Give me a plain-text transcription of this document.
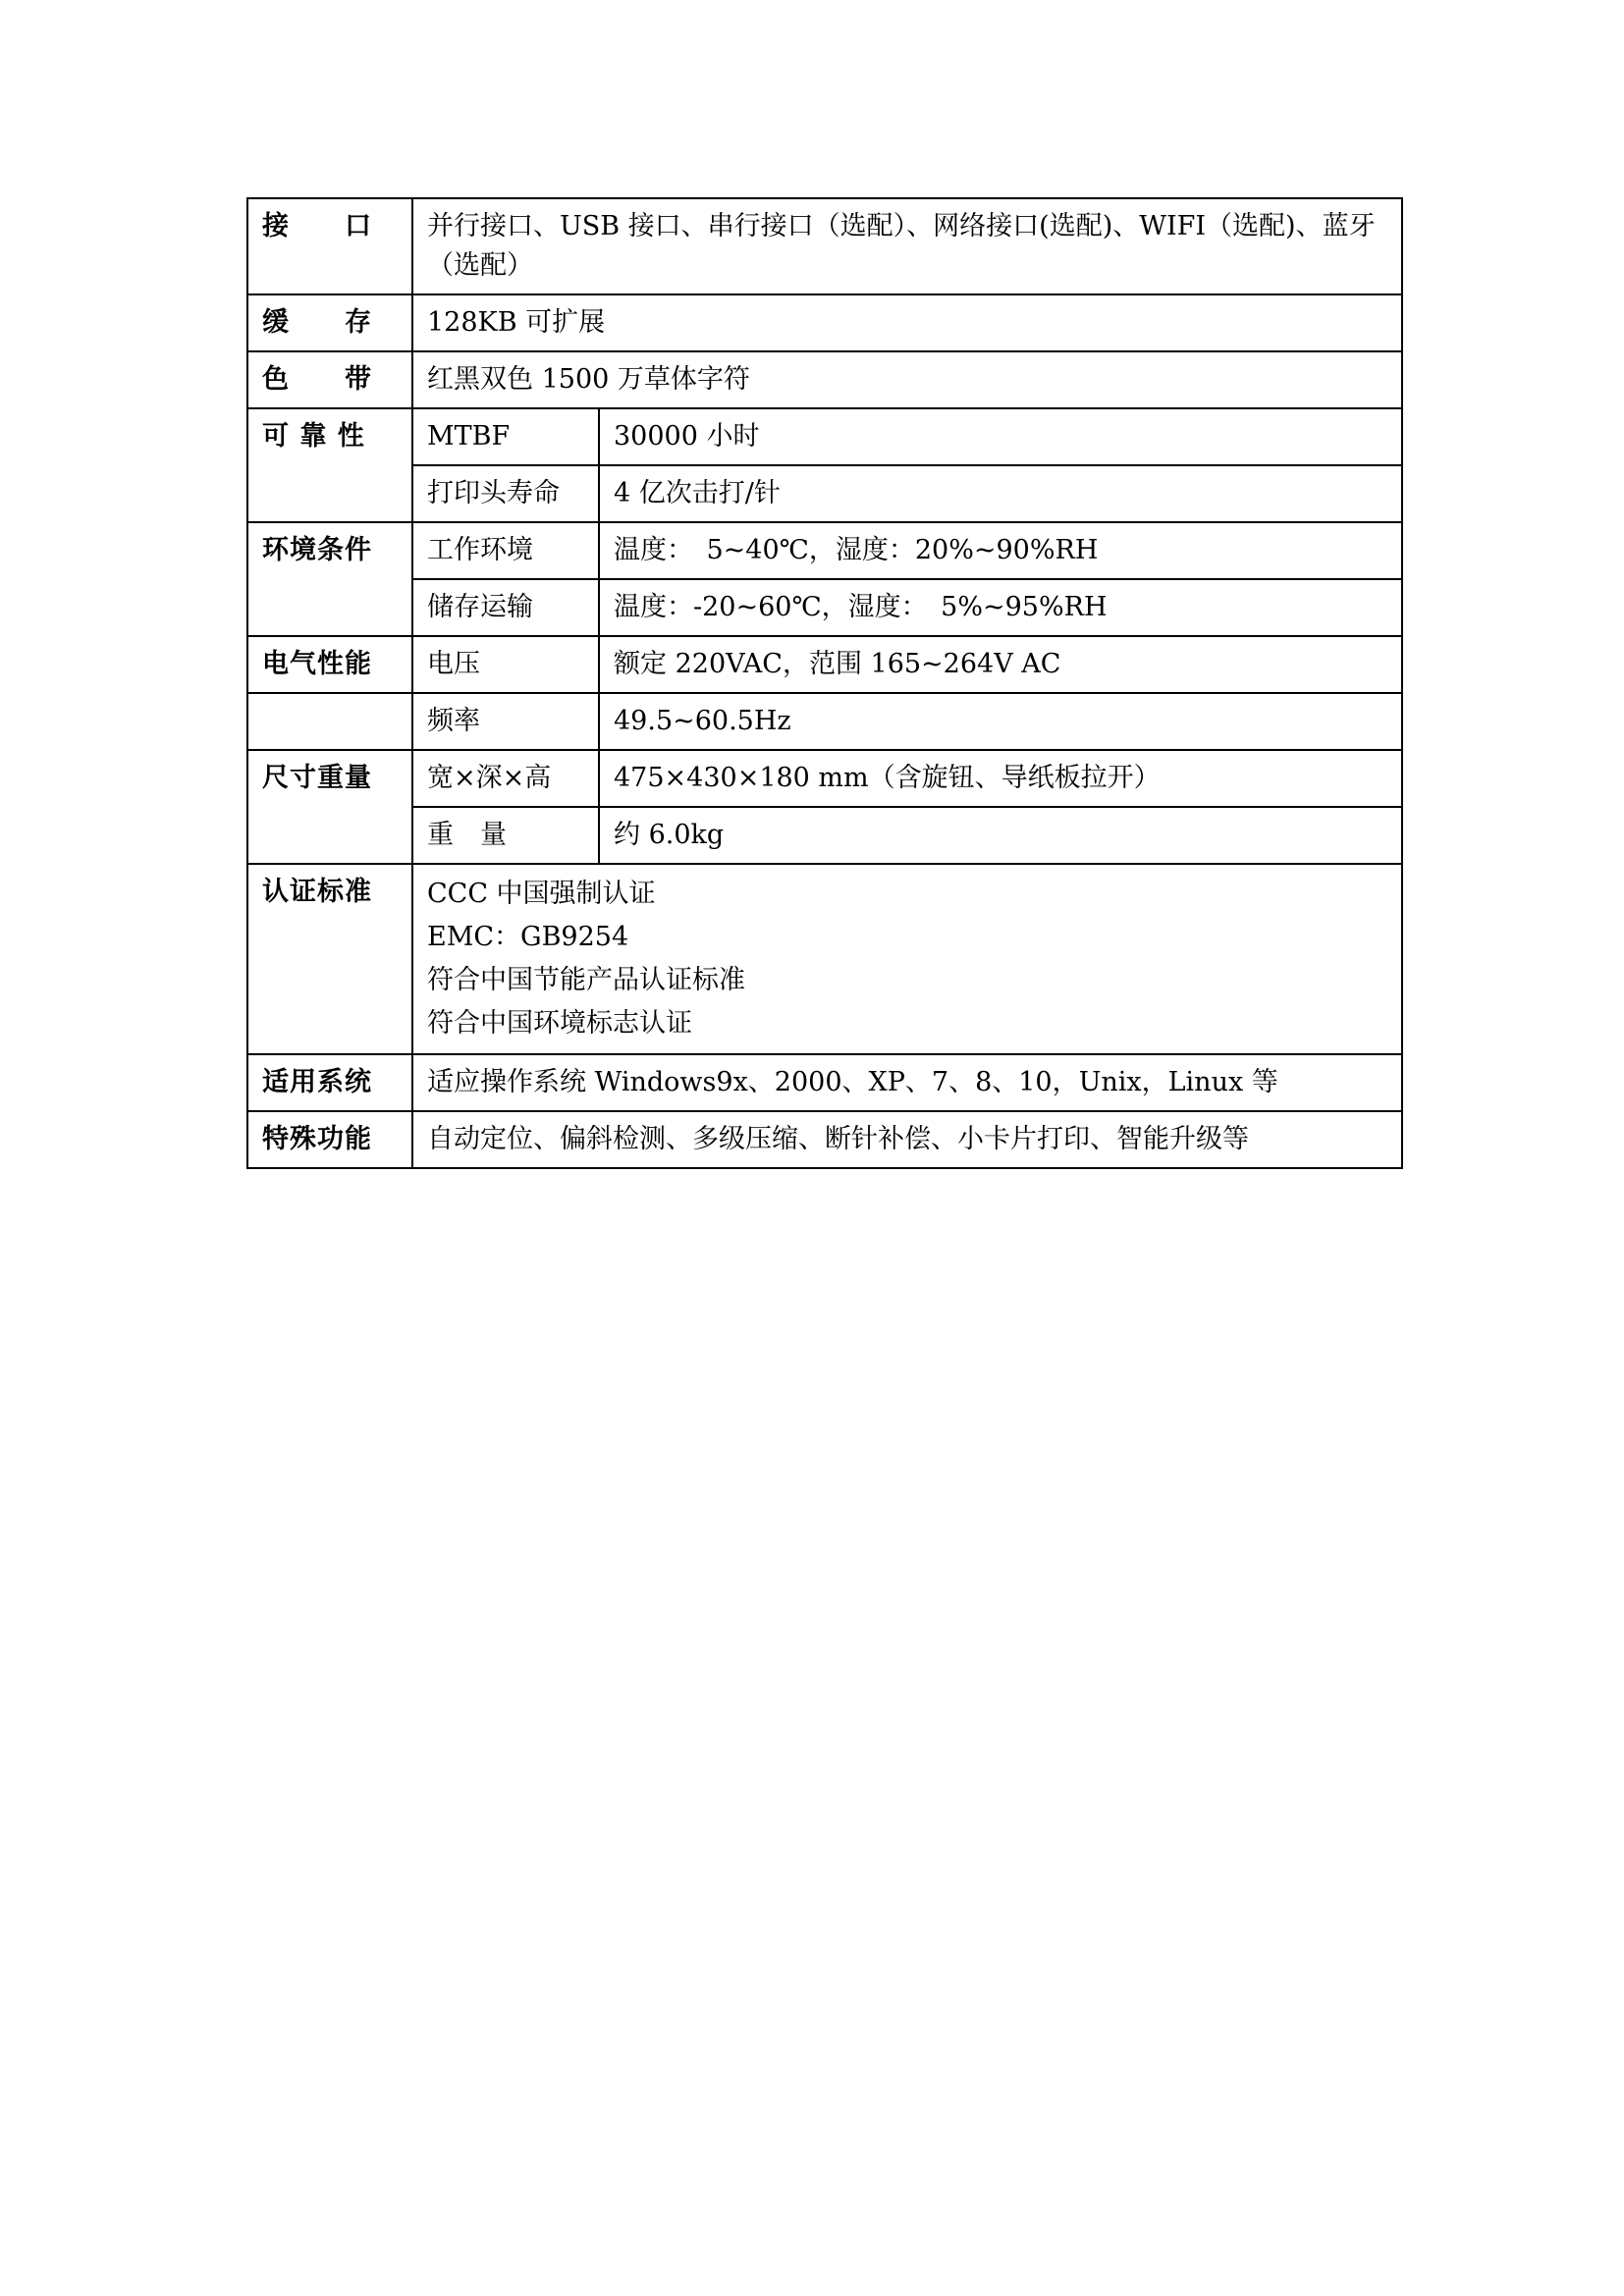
接　　口	并行接口、USB 接口、串行接口（选配）、网络接口(选配)、WIFI（选配)、蓝牙（选配）	
缓　　存	128KB 可扩展	
色　　带	红黑双色 1500 万草体字符	
可 靠 性	MTBF	30000 小时
	打印头寿命	4 亿次击打/针
环境条件	工作环境	温度：　5~40℃，湿度：20%~90%RH
	储存运输	温度：-20~60℃，湿度：　5%~95%RH
电气性能	电压	额定 220VAC，范围 165~264V AC
	频率	49.5~60.5Hz
尺寸重量	宽×深×高	475×430×180 mm（含旋钮、导纸板拉开）
	重　量	约 6.0kg
认证标准	CCC 中国强制认证
EMC：GB9254
符合中国节能产品认证标准
符合中国环境标志认证	

适用系统	适应操作系统 Windows9x、2000、XP、7、8、10，Unix，Linux 等	
特殊功能	自动定位、偏斜检测、多级压缩、断针补偿、小卡片打印、智能升级等	
